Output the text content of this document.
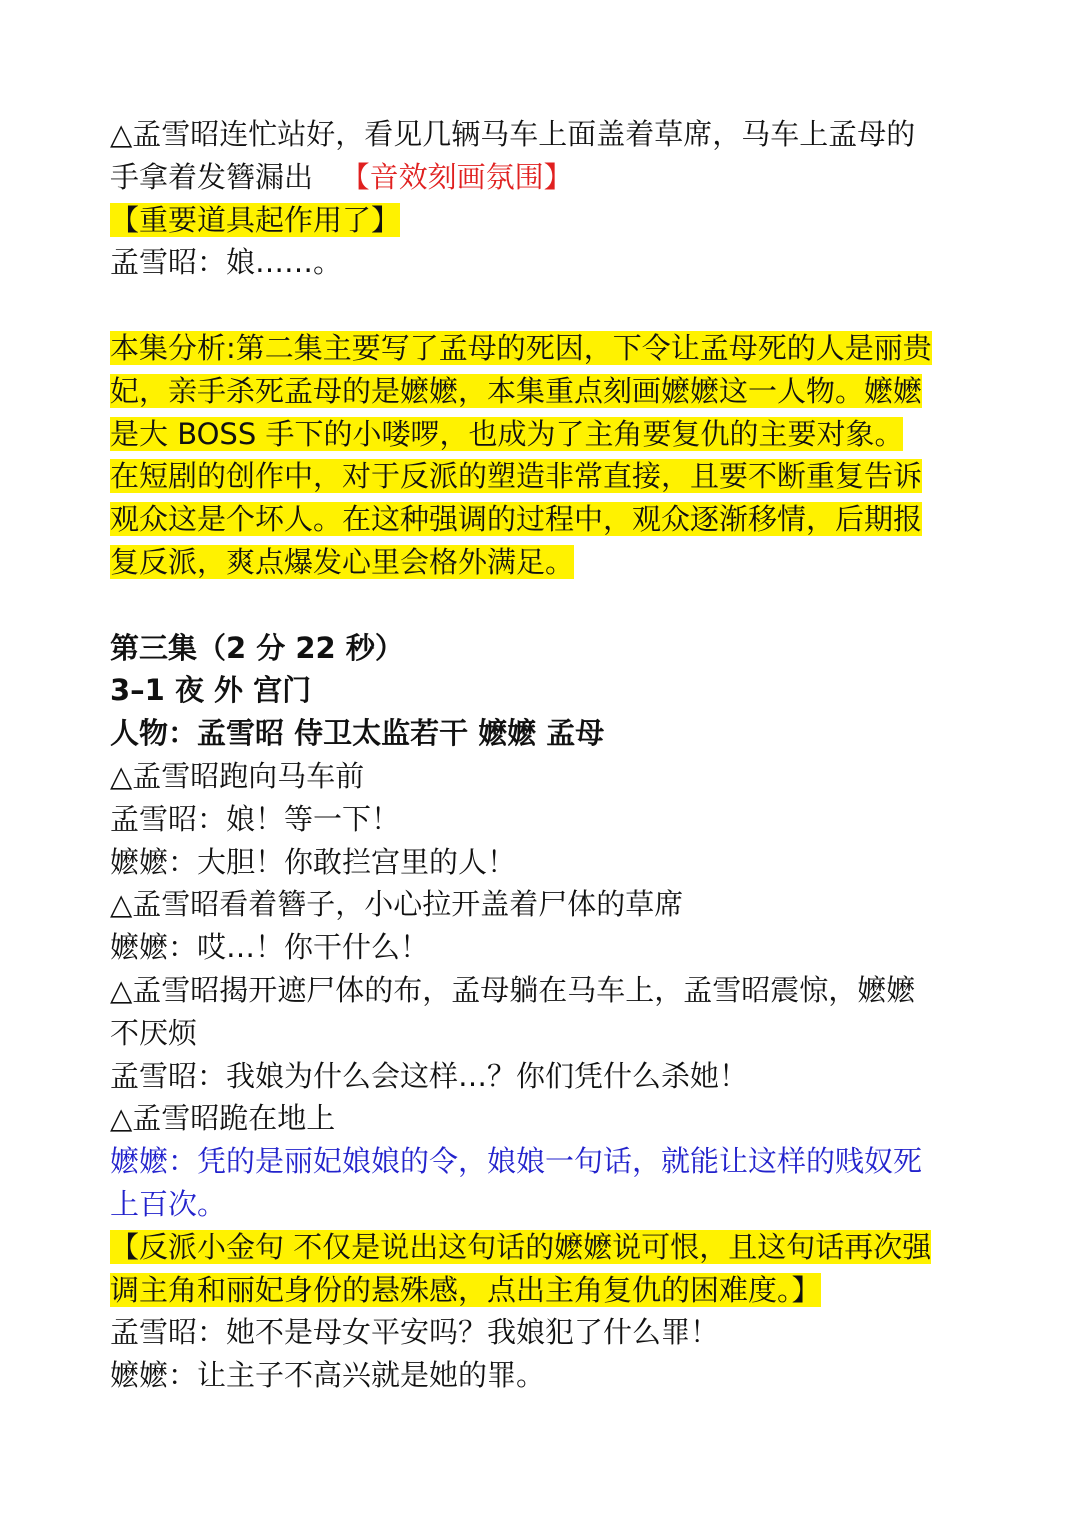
△孟雪昭连忙站好，看见几辆马车上面盖着草席，马车上孟母的
手拿着发簪漏出 【音效刻画氛围】
【重要道具起作用了】
孟雪昭：娘……。
本集分析:第二集主要写了孟母的死因，下令让孟母死的人是丽贵
妃，亲手杀死孟母的是嬷嬷，本集重点刻画嬷嬷这一人物。嬷嬷
是大 BOSS 手下的小喽啰，也成为了主角要复仇的主要对象。
在短剧的创作中，对于反派的塑造非常直接，且要不断重复告诉
观众这是个坏人。在这种强调的过程中，观众逐渐移情，后期报
复反派，爽点爆发心里会格外满足。
第三集（2 分 22 秒）
3–1 夜 外 宫门
人物：孟雪昭 侍卫太监若干 嬷嬷 孟母
△孟雪昭跑向马车前
孟雪昭：娘！等一下！
嬷嬷：大胆！你敢拦宫里的人！
△孟雪昭看着簪子，小心拉开盖着尸体的草席
嬷嬷：哎…！你干什么！
△孟雪昭揭开遮尸体的布，孟母躺在马车上，孟雪昭震惊，嬷嬷
不厌烦
孟雪昭：我娘为什么会这样…？你们凭什么杀她！
△孟雪昭跪在地上
嬷嬷：凭的是丽妃娘娘的令，娘娘一句话，就能让这样的贱奴死
上百次。
【反派小金句 不仅是说出这句话的嬷嬷说可恨，且这句话再次强
调主角和丽妃身份的悬殊感，点出主角复仇的困难度。】
孟雪昭：她不是母女平安吗？我娘犯了什么罪！
嬷嬷：让主子不高兴就是她的罪。
